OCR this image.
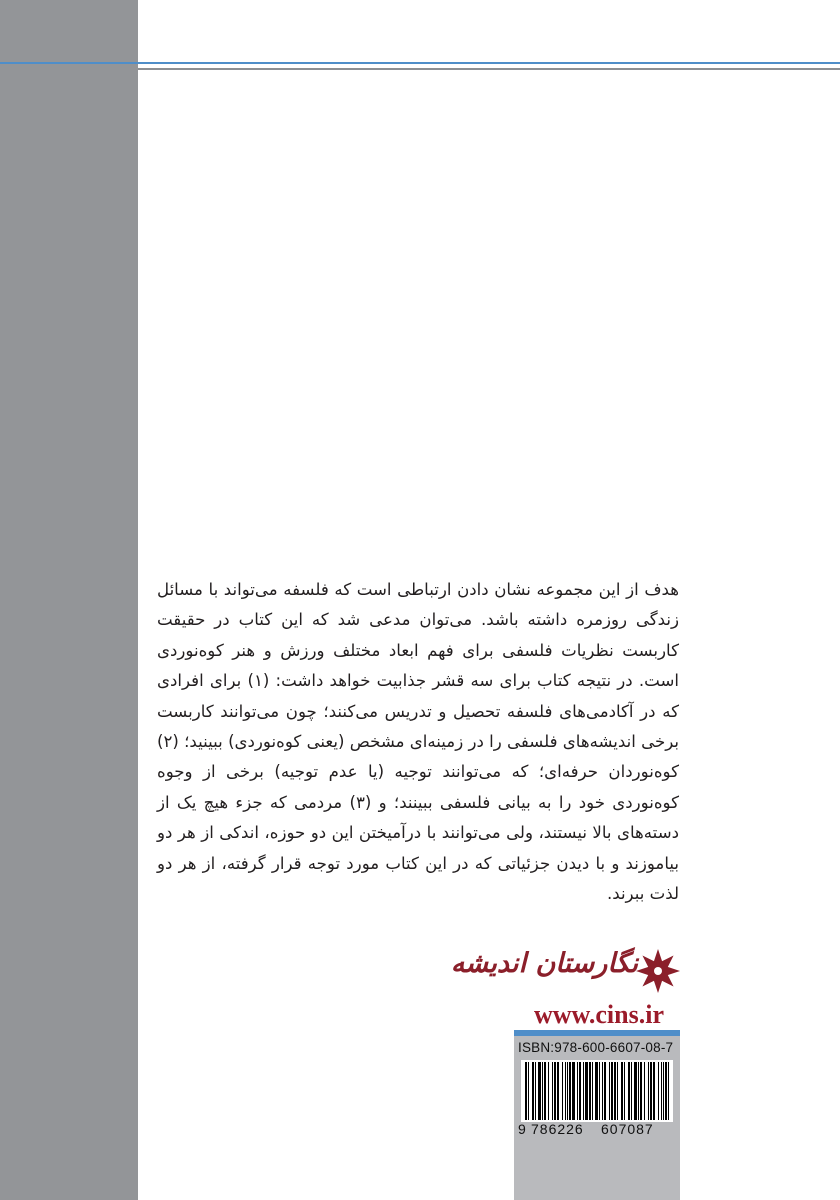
هدف از این مجموعه نشان دادن ارتباطی است که فلسفه می‌تواند با مسائل زندگی روزمره داشته باشد. می‌توان مدعی شد که این کتاب در حقیقت کاربست نظریات فلسفی برای فهم ابعاد مختلف ورزش و هنر کوه‌نوردی است. در نتیجه کتاب برای سه قشر جذابیت خواهد داشت: (۱) برای افرادی که در آکادمی‌های فلسفه تحصیل و تدریس می‌کنند؛ چون می‌توانند کاربست برخی اندیشه‌های فلسفی را در زمینه‌ای مشخص (یعنی کوه‌نوردی) ببینید؛ (۲) کوه‌نوردان حرفه‌ای؛ که می‌توانند توجیه (یا عدم توجیه) برخی از وجوه کوه‌نوردی خود را به بیانی فلسفی ببینند؛ و (۳) مردمی که جزء هیچ یک از دسته‌های بالا نیستند، ولی می‌توانند با درآمیختن این دو حوزه، اندکی از هر دو بیاموزند و با دیدن جزئیاتی که در این کتاب مورد توجه قرار گرفته، از هر دو لذت ببرند.

نگارستان اندیشه
www.cins.ir
ISBN:978-600-6607-08-7
9 786226 607087
